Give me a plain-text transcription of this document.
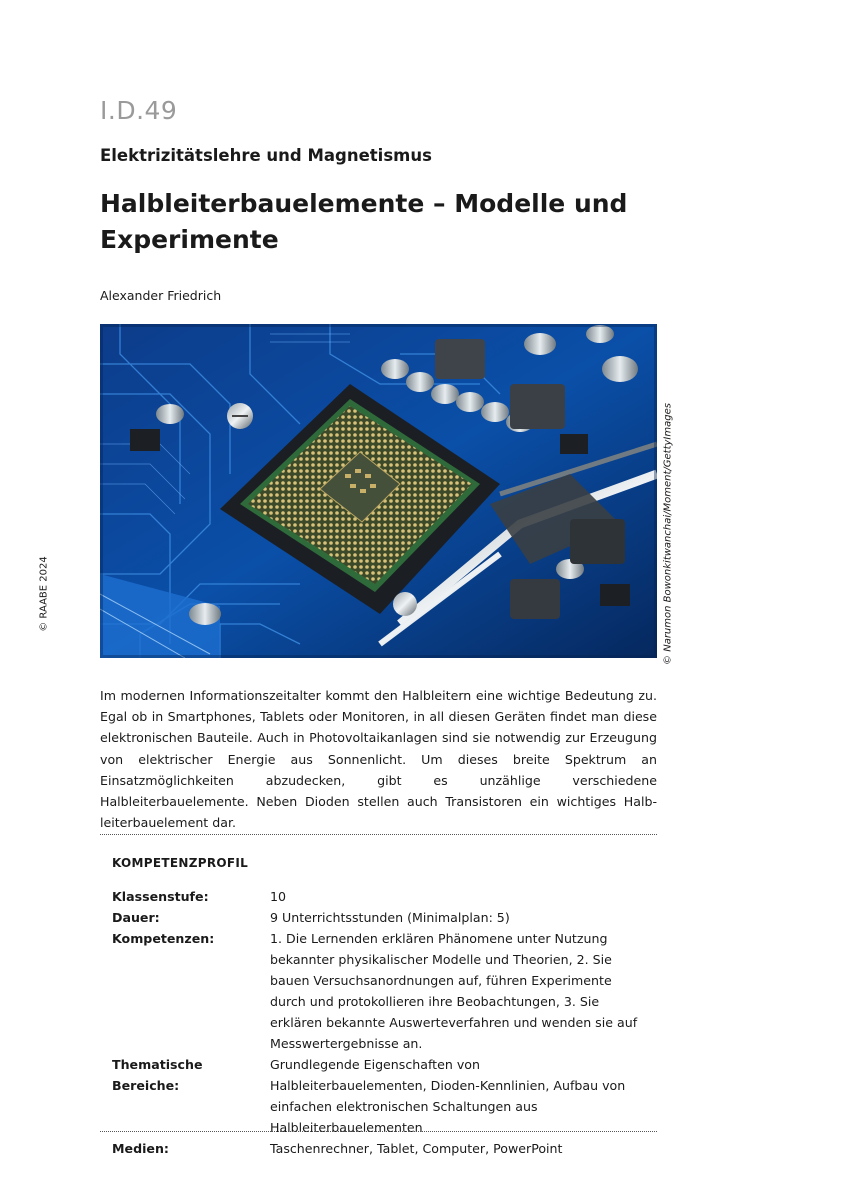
I.D.49
Elektrizitätslehre und Magnetismus
Halbleiterbauelemente – Modelle und Experimente
Alexander Friedrich
© RAABE 2024	© Narumon Bowonkitwanchai/Moment/GettyImages

Im modernen Informationszeitalter kommt den Halbleitern eine wichtige Bedeutung zu. Egal ob in Smartphones, Tablets oder Monitoren, in all diesen Geräten findet man diese elektronischen Bauteile. Auch in Photovoltaikanlagen sind sie notwendig zur Erzeugung von elektrischer Energie aus Sonnenlicht. Um dieses breite Spektrum an Einsatzmöglichkeiten abzudecken, gibt es unzählige verschiedene Halbleiterbauelemente. Neben Dioden stellen auch Transistoren ein wichtiges Halbleiterbauelement dar.

KOMPETENZPROFIL
Klassenstufe:	10
Dauer:	9 Unterrichtsstunden (Minimalplan: 5)
Kompetenzen:	1. Die Lernenden erklären Phänomene unter Nutzung bekannter physikalischer Modelle und Theorien, 2. Sie bauen Versuchsanordnungen auf, führen Experimente durch und protokollieren ihre Beobachtungen, 3. Sie erklären bekannte Auswerteverfahren und wenden sie auf Messwertergebnisse an.
Thematische Bereiche:
Grundlegende Eigenschaften von Halbleiterbauelementen, Dioden-Kennlinien, Aufbau von einfachen elektronischen Schaltungen aus Halbleiterbauelementen
Medien:	Taschenrechner, Tablet, Computer, PowerPoint
